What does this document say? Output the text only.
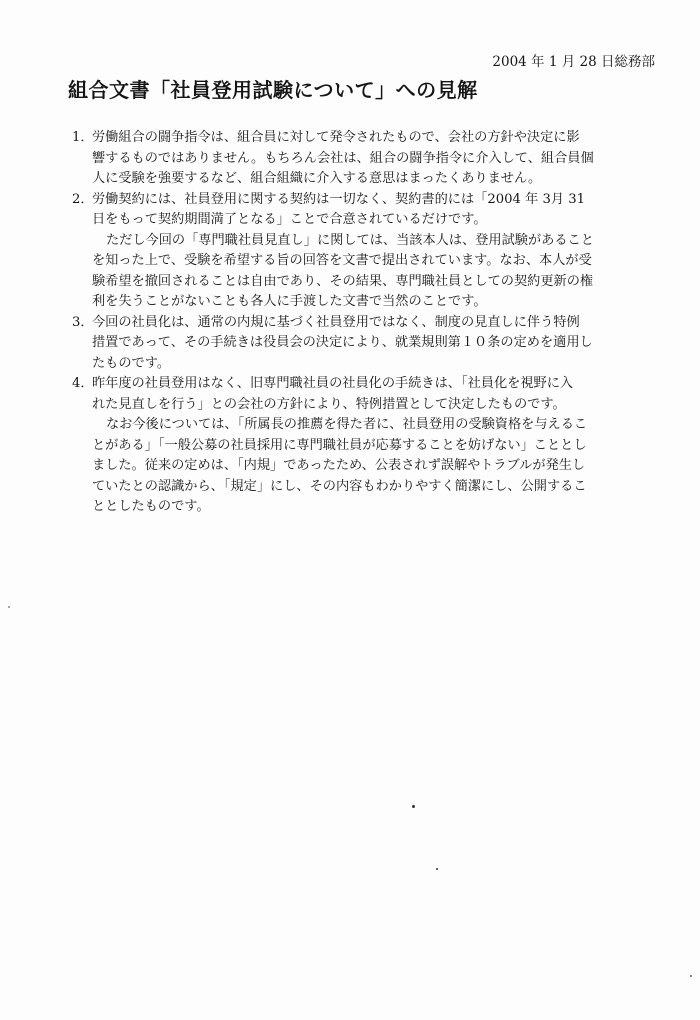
2004 年 1 月 28 日総務部
組合文書「社員登用試験について」への見解
1．
労働組合の闘争指令は、組合員に対して発令されたもので、会社の方針や決定に影
響するものではありません。もちろん会社は、組合の闘争指令に介入して、組合員個
人に受験を強要するなど、組合組織に介入する意思はまったくありません。
2．
労働契約には、社員登用に関する契約は一切なく、契約書的には「2004 年 3月 31
日をもって契約期間満了となる」ことで合意されているだけです。
ただし今回の「専門職社員見直し」に関しては、当該本人は、登用試験があること
を知った上で、受験を希望する旨の回答を文書で提出されています。なお、本人が受
験希望を撤回されることは自由であり、その結果、専門職社員としての契約更新の権
利を失うことがないことも各人に手渡した文書で当然のことです。
3．
今回の社員化は、通常の内規に基づく社員登用ではなく、制度の見直しに伴う特例
措置であって、その手続きは役員会の決定により、就業規則第１０条の定めを適用し
たものです。
4．
昨年度の社員登用はなく、旧専門職社員の社員化の手続きは、「社員化を視野に入
れた見直しを行う」との会社の方針により、特例措置として決定したものです。
なお今後については、「所属長の推薦を得た者に、社員登用の受験資格を与えるこ
とがある」「一般公募の社員採用に専門職社員が応募することを妨げない」こととし
ました。従来の定めは、「内規」であったため、公表されず誤解やトラブルが発生し
ていたとの認識から、「規定」にし、その内容もわかりやすく簡潔にし、公開するこ
ととしたものです。
